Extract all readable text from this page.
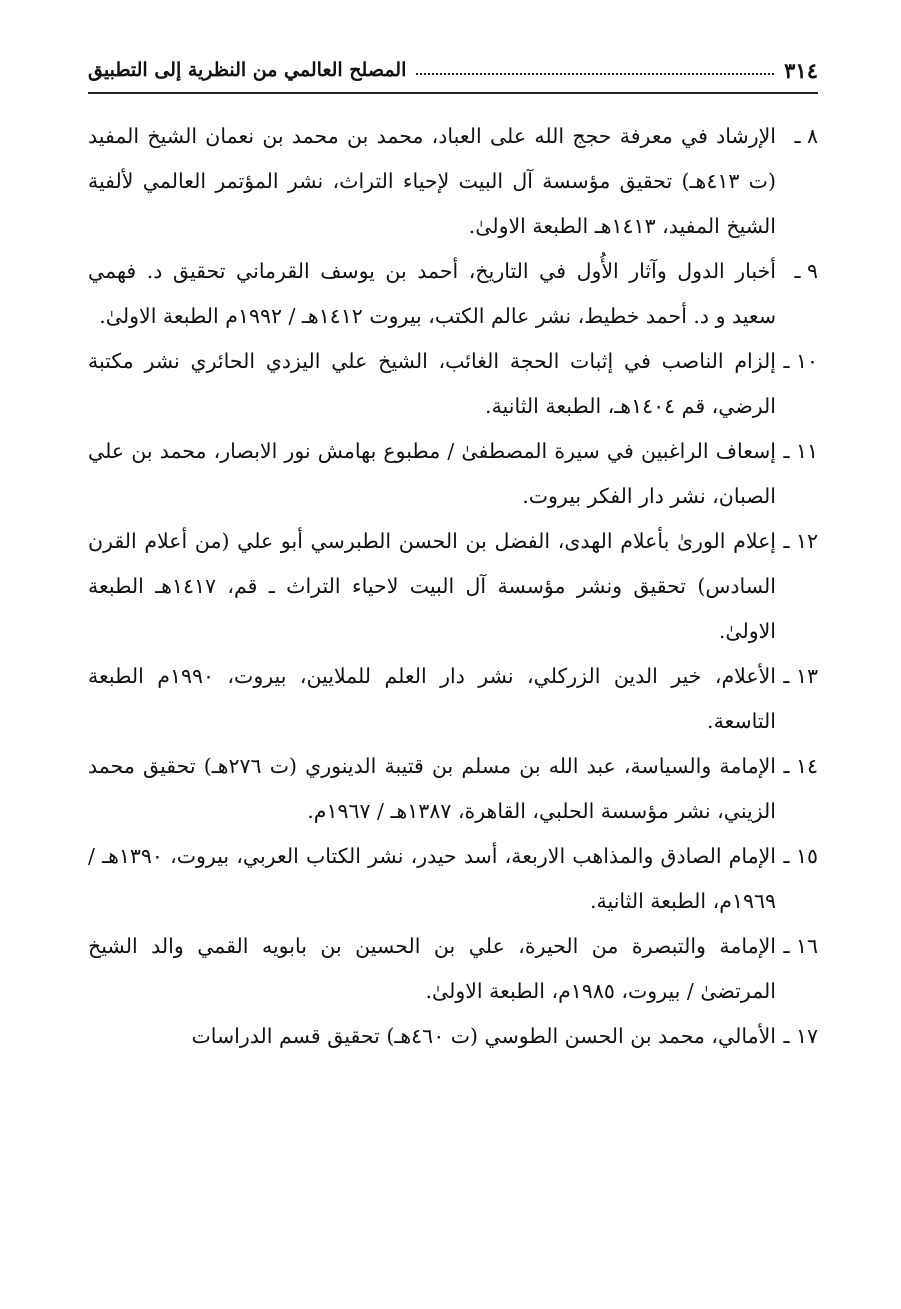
٣١٤
المصلح العالمي من النظرية إلى التطبيق
٨ ـالإرشاد في معرفة حجج الله على العباد، محمد بن محمد بن نعمان الشيخ المفيد (ت ٤١٣هـ) تحقيق مؤسسة آل البيت لإحياء التراث، نشر المؤتمر العالمي لألفية الشيخ المفيد، ١٤١٣هـ الطبعة الاولىٰ.
٩ ـأخبار الدول وآثار الأُول في التاريخ، أحمد بن يوسف القرماني تحقيق د. فهمي سعيد و د. أحمد خطيط، نشر عالم الكتب، بيروت ١٤١٢هـ / ١٩٩٢م الطبعة الاولىٰ.
١٠ ـإلزام الناصب في إثبات الحجة الغائب، الشيخ علي اليزدي الحائري نشر مكتبة الرضي، قم ١٤٠٤هـ، الطبعة الثانية.
١١ ـإسعاف الراغبين في سيرة المصطفىٰ / مطبوع بهامش نور الابصار، محمد بن علي الصبان، نشر دار الفكر بيروت.
١٢ ـإعلام الورىٰ بأعلام الهدى، الفضل بن الحسن الطبرسي أبو علي (من أعلام القرن السادس) تحقيق ونشر مؤسسة آل البيت لاحياء التراث ـ قم، ١٤١٧هـ الطبعة الاولىٰ.
١٣ ـالأعلام، خير الدين الزركلي، نشر دار العلم للملايين، بيروت، ١٩٩٠م الطبعة التاسعة.
١٤ ـالإمامة والسياسة، عبد الله بن مسلم بن قتيبة الدينوري (ت ٢٧٦هـ) تحقيق محمد الزيني، نشر مؤسسة الحلبي، القاهرة، ١٣٨٧هـ / ١٩٦٧م.
١٥ ـالإمام الصادق والمذاهب الاربعة، أسد حيدر، نشر الكتاب العربي، بيروت، ١٣٩٠هـ / ١٩٦٩م، الطبعة الثانية.
١٦ ـالإمامة والتبصرة من الحيرة، علي بن الحسين بن بابويه القمي والد الشيخ المرتضىٰ / بيروت، ١٩٨٥م، الطبعة الاولىٰ.
١٧ ـالأمالي، محمد بن الحسن الطوسي (ت ٤٦٠هـ) تحقيق قسم الدراسات
